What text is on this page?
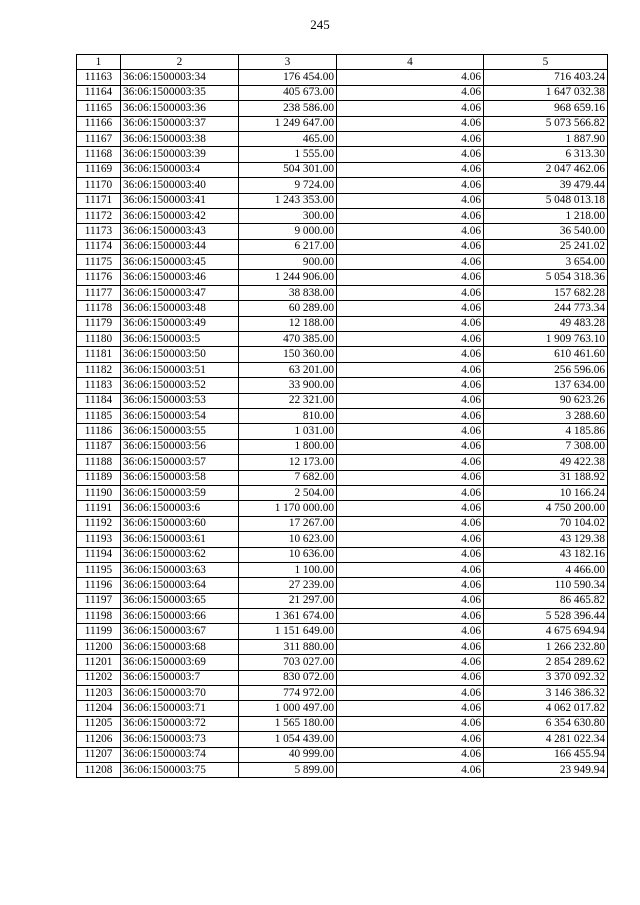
245
1	2	3	4	5
11163	36:06:1500003:34	176 454.00	4.06	716 403.24
11164	36:06:1500003:35	405 673.00	4.06	1 647 032.38
11165	36:06:1500003:36	238 586.00	4.06	968 659.16
11166	36:06:1500003:37	1 249 647.00	4.06	5 073 566.82
11167	36:06:1500003:38	465.00	4.06	1 887.90
11168	36:06:1500003:39	1 555.00	4.06	6 313.30
11169	36:06:1500003:4	504 301.00	4.06	2 047 462.06
11170	36:06:1500003:40	9 724.00	4.06	39 479.44
11171	36:06:1500003:41	1 243 353.00	4.06	5 048 013.18
11172	36:06:1500003:42	300.00	4.06	1 218.00
11173	36:06:1500003:43	9 000.00	4.06	36 540.00
11174	36:06:1500003:44	6 217.00	4.06	25 241.02
11175	36:06:1500003:45	900.00	4.06	3 654.00
11176	36:06:1500003:46	1 244 906.00	4.06	5 054 318.36
11177	36:06:1500003:47	38 838.00	4.06	157 682.28
11178	36:06:1500003:48	60 289.00	4.06	244 773.34
11179	36:06:1500003:49	12 188.00	4.06	49 483.28
11180	36:06:1500003:5	470 385.00	4.06	1 909 763.10
11181	36:06:1500003:50	150 360.00	4.06	610 461.60
11182	36:06:1500003:51	63 201.00	4.06	256 596.06
11183	36:06:1500003:52	33 900.00	4.06	137 634.00
11184	36:06:1500003:53	22 321.00	4.06	90 623.26
11185	36:06:1500003:54	810.00	4.06	3 288.60
11186	36:06:1500003:55	1 031.00	4.06	4 185.86
11187	36:06:1500003:56	1 800.00	4.06	7 308.00
11188	36:06:1500003:57	12 173.00	4.06	49 422.38
11189	36:06:1500003:58	7 682.00	4.06	31 188.92
11190	36:06:1500003:59	2 504.00	4.06	10 166.24
11191	36:06:1500003:6	1 170 000.00	4.06	4 750 200.00
11192	36:06:1500003:60	17 267.00	4.06	70 104.02
11193	36:06:1500003:61	10 623.00	4.06	43 129.38
11194	36:06:1500003:62	10 636.00	4.06	43 182.16
11195	36:06:1500003:63	1 100.00	4.06	4 466.00
11196	36:06:1500003:64	27 239.00	4.06	110 590.34
11197	36:06:1500003:65	21 297.00	4.06	86 465.82
11198	36:06:1500003:66	1 361 674.00	4.06	5 528 396.44
11199	36:06:1500003:67	1 151 649.00	4.06	4 675 694.94
11200	36:06:1500003:68	311 880.00	4.06	1 266 232.80
11201	36:06:1500003:69	703 027.00	4.06	2 854 289.62
11202	36:06:1500003:7	830 072.00	4.06	3 370 092.32
11203	36:06:1500003:70	774 972.00	4.06	3 146 386.32
11204	36:06:1500003:71	1 000 497.00	4.06	4 062 017.82
11205	36:06:1500003:72	1 565 180.00	4.06	6 354 630.80
11206	36:06:1500003:73	1 054 439.00	4.06	4 281 022.34
11207	36:06:1500003:74	40 999.00	4.06	166 455.94
11208	36:06:1500003:75	5 899.00	4.06	23 949.94
